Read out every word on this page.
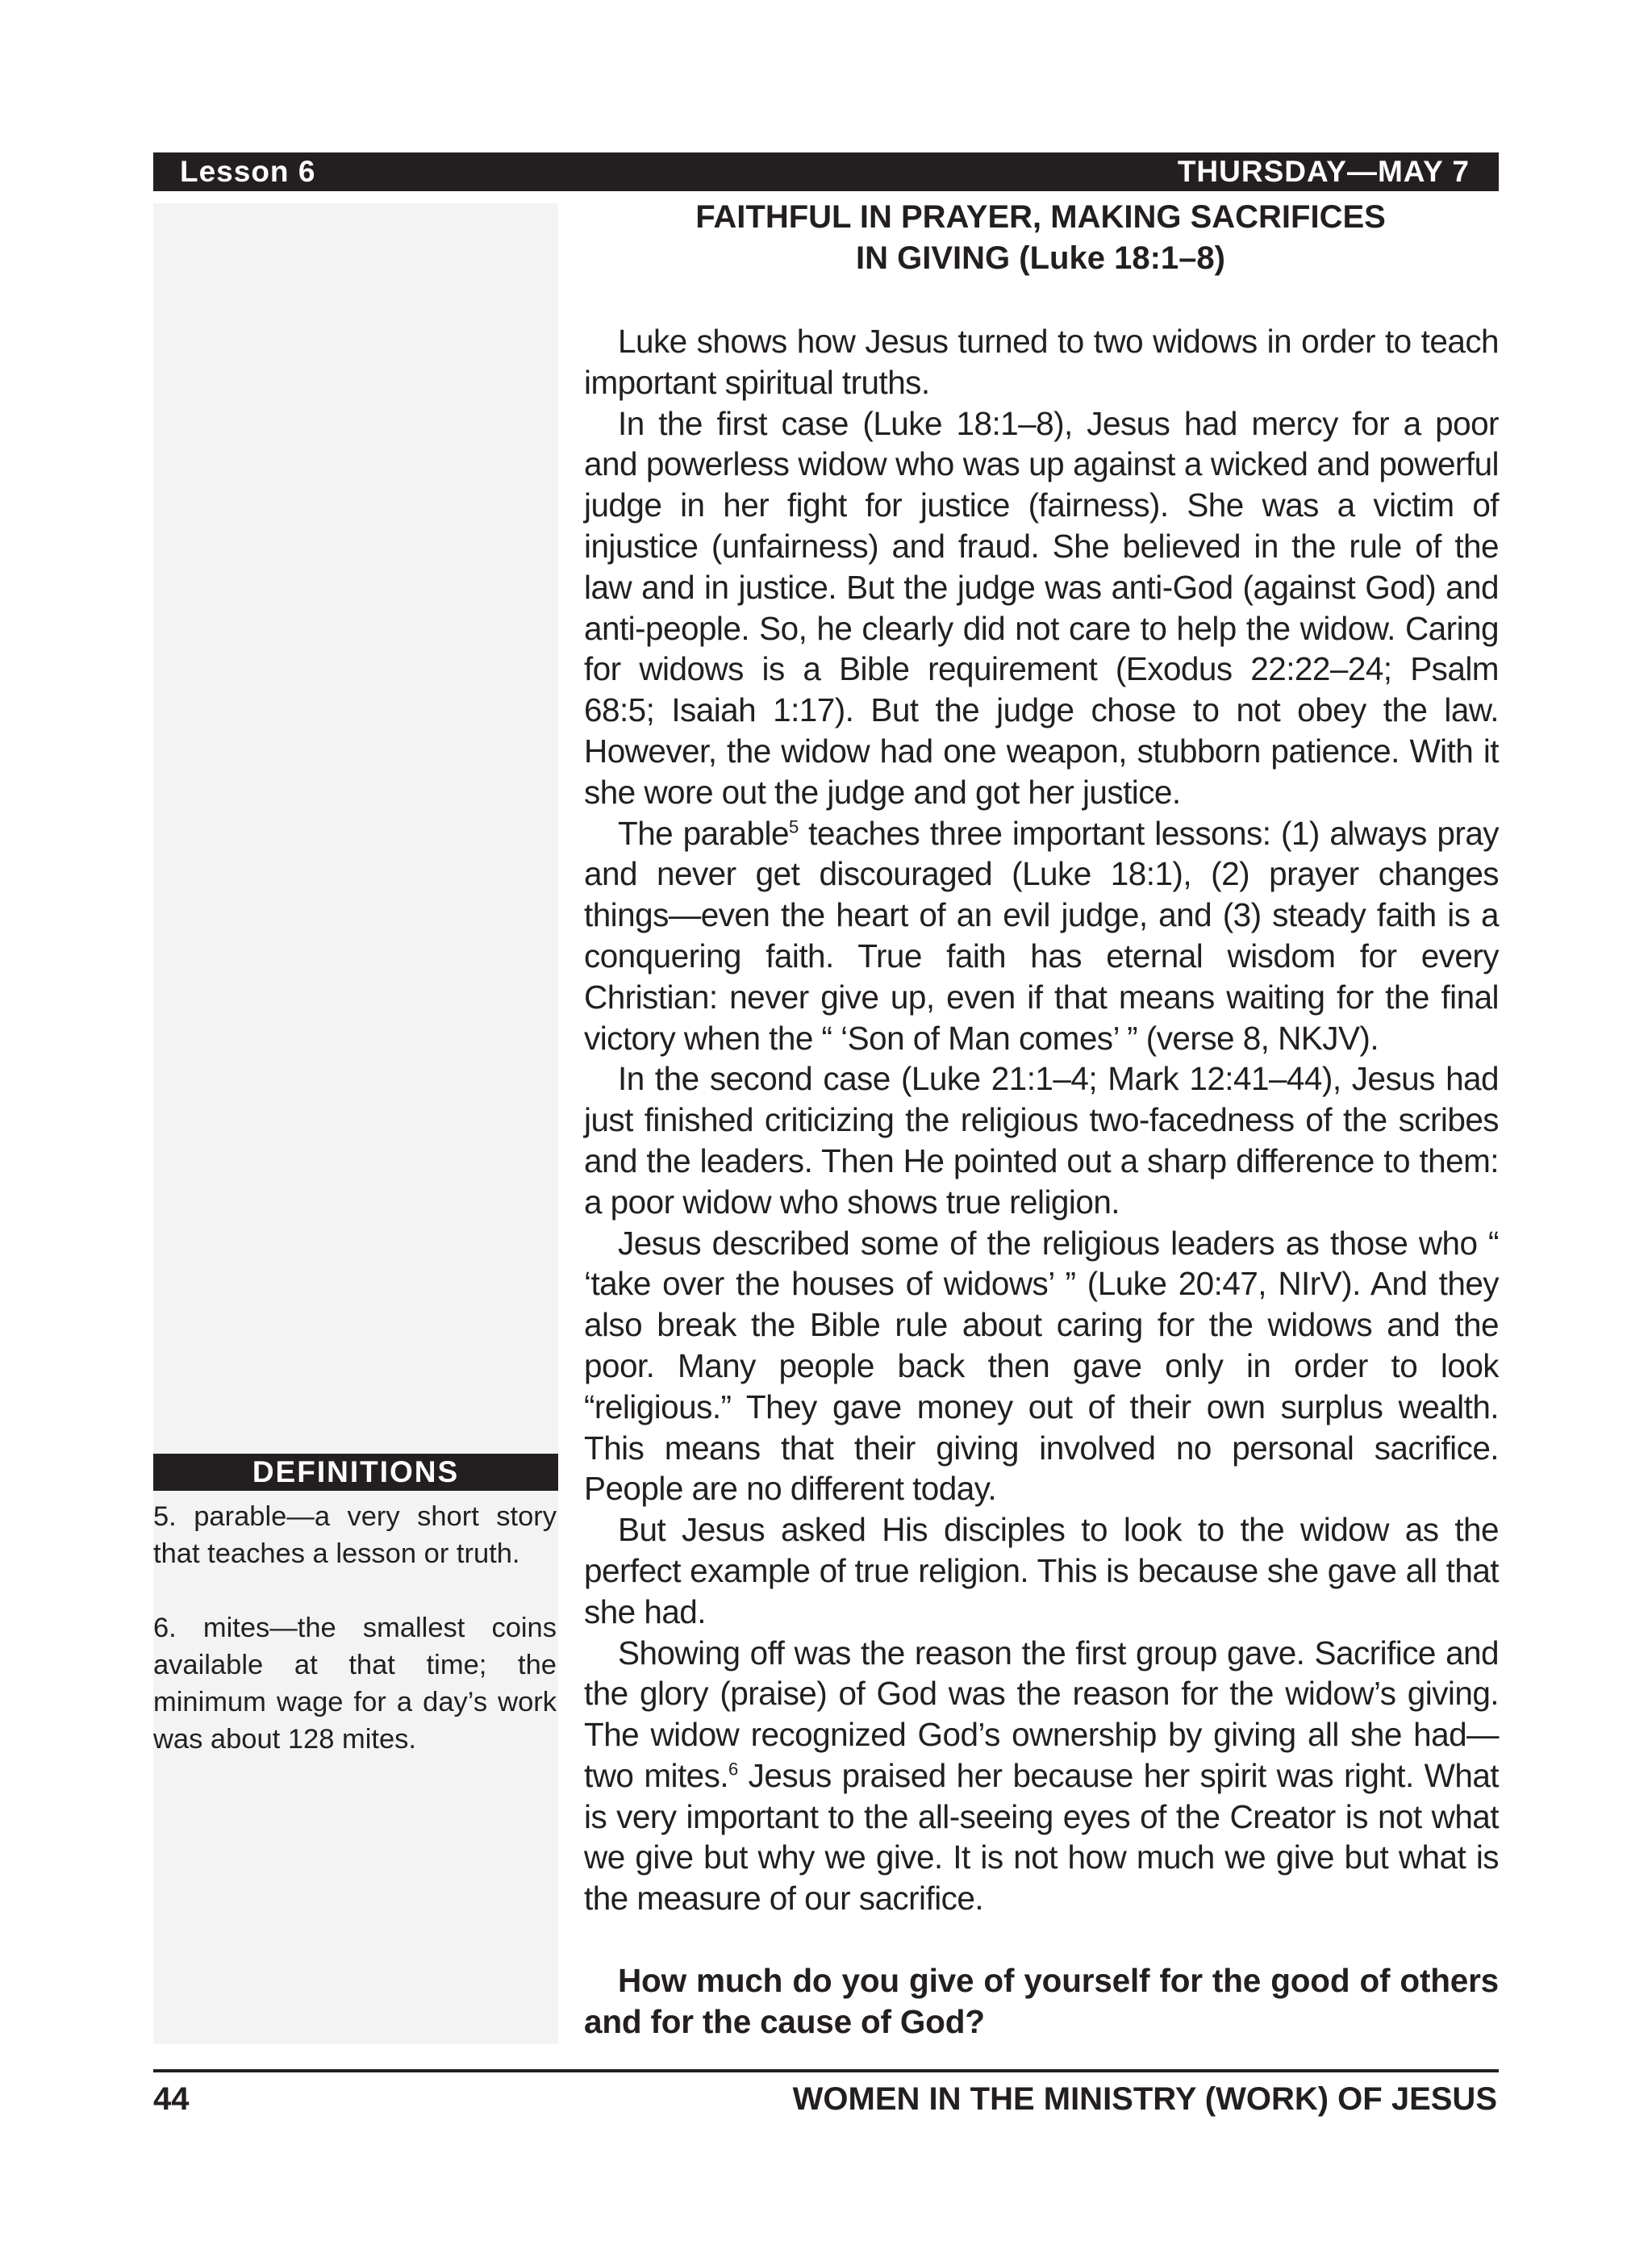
Lesson 6	THURSDAY—MAY 7
FAITHFUL IN PRAYER, MAKING SACRIFICES
IN GIVING (Luke 18:1–8)

Luke shows how Jesus turned to two widows in order to teach important spiritual truths.

In the first case (Luke 18:1–8), Jesus had mercy for a poor and powerless widow who was up against a wicked and powerful judge in her fight for justice (fairness). She was a victim of injustice (unfairness) and fraud. She believed in the rule of the law and in justice. But the judge was anti-God (against God) and anti-people. So, he clearly did not care to help the widow. Caring for widows is a Bible requirement (Exodus 22:22–24; Psalm 68:5; Isaiah 1:17). But the judge chose to not obey the law. However, the widow had one weapon, stubborn patience. With it she wore out the judge and got her justice.

The parable$^5$ teaches three important lessons: (1) always pray and never get discouraged (Luke 18:1), (2) prayer changes things—even the heart of an evil judge, and (3) steady faith is a conquering faith. True faith has eternal wisdom for every Christian: never give up, even if that means waiting for the final victory when the “ ‘Son of Man comes’ ” (verse 8, NKJV).

In the second case (Luke 21:1–4; Mark 12:41–44), Jesus had just finished criticizing the religious two-facedness of the scribes and the leaders. Then He pointed out a sharp difference to them: a poor widow who shows true religion.

Jesus described some of the religious leaders as those who “ ‘take over the houses of widows’ ” (Luke 20:47, NIrV). And they also break the Bible rule about caring for the widows and the poor. Many people back then gave only in order to look “religious.” They gave money out of their own surplus wealth. This means that their giving involved no personal sacrifice. People are no different today.

But Jesus asked His disciples to look to the widow as the perfect example of true religion. This is because she gave all that she had.

Showing off was the reason the first group gave. Sacrifice and the glory (praise) of God was the reason for the widow’s giving. The widow recognized God’s ownership by giving all she had—two mites.$^6$ Jesus praised her because her spirit was right. What is very important to the all-seeing eyes of the Creator is not what we give but why we give. It is not how much we give but what is the measure of our sacrifice.

How much do you give of yourself for the good of others and for the cause of God?

DEFINITIONS

5. parable—a very short story that teaches a lesson or truth.

6. mites—the smallest coins available at that time; the minimum wage for a day’s work was about 128 mites.

44	WOMEN IN THE MINISTRY (WORK) OF JESUS
